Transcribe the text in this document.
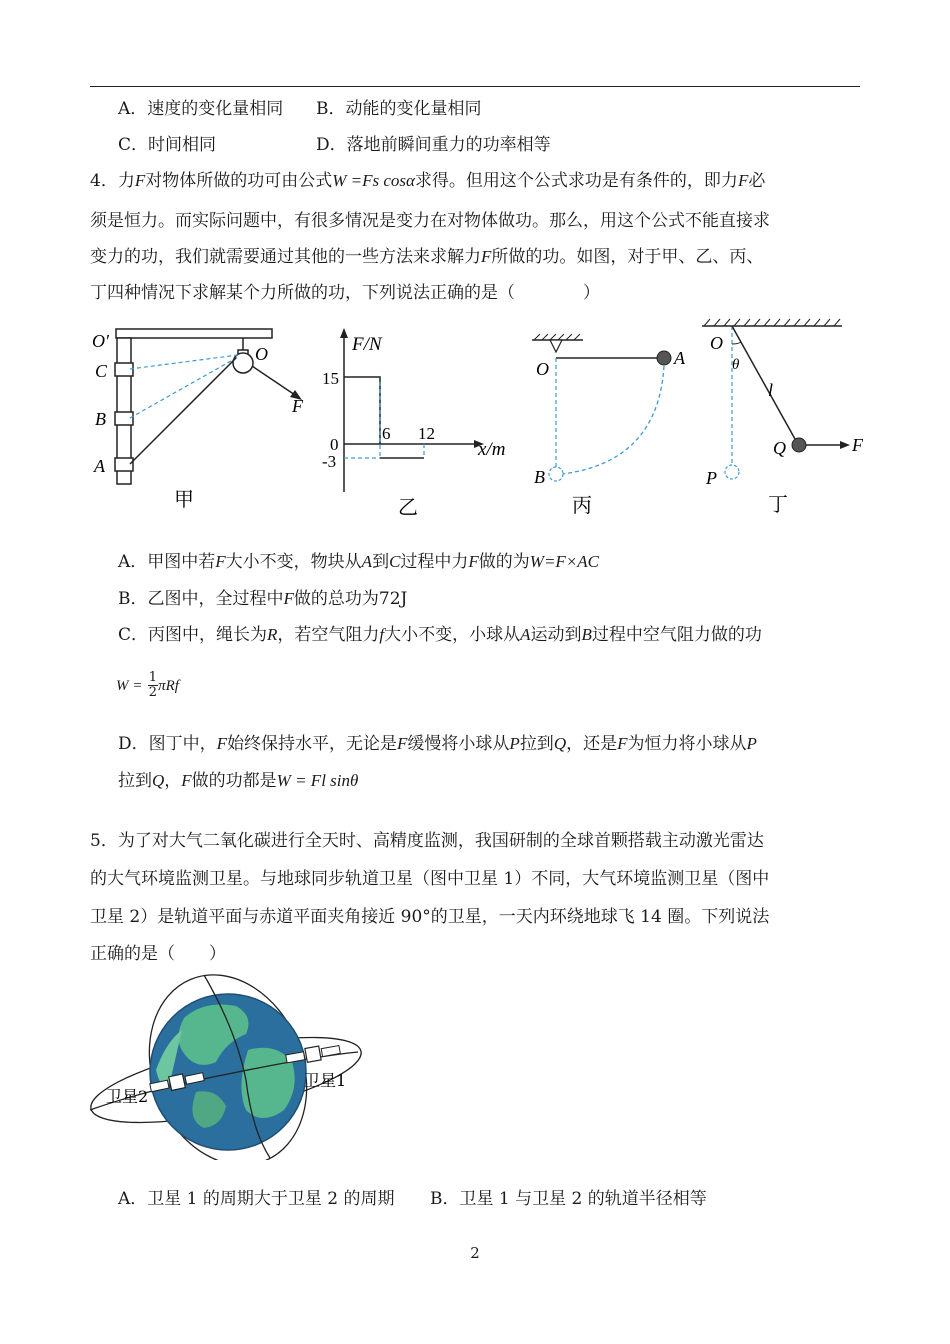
A．速度的变化量相同 B．动能的变化量相同
C．时间相同	D．落地前瞬间重力的功率相等
4．力F对物体所做的功可由公式W =Fs cosα求得。但用这个公式求功是有条件的，即力F必
须是恒力。而实际问题中，有很多情况是变力在对物体做功。那么，用这个公式不能直接求
变力的功，我们就需要通过其他的一些方法来求解力F所做的功。如图，对于甲、乙、丙、
丁四种情况下求解某个力所做的功，下列说法正确的是（　　　　）
O′
O
C
B
A
F
甲
F/N
15
0
-3
6 12
x/m
乙
O
A
B
丙
O
θ
l
Q	F
P
丁
A．甲图中若F大小不变，物块从A到C过程中力F做的为W=F×AC
B．乙图中，全过程中F做的总功为72J
C．丙图中，绳长为R，若空气阻力f大小不变，小球从A运动到B过程中空气阻力做的功
$W = \frac{1}{2}$ πRf
D．图丁中，F始终保持水平，无论是F缓慢将小球从P拉到Q，还是F为恒力将小球从P
拉到Q，F做的功都是W = Fl sinθ
5．为了对大气二氧化碳进行全天时、高精度监测，我国研制的全球首颗搭载主动激光雷达
的大气环境监测卫星。与地球同步轨道卫星（图中卫星 1）不同，大气环境监测卫星（图中
卫星 2）是轨道平面与赤道平面夹角接近 90°的卫星，一天内环绕地球飞 14 圈。下列说法
正确的是（　　）
卫星2
卫星1
A．卫星 1 的周期大于卫星 2 的周期 B．卫星 1 与卫星 2 的轨道半径相等
2
